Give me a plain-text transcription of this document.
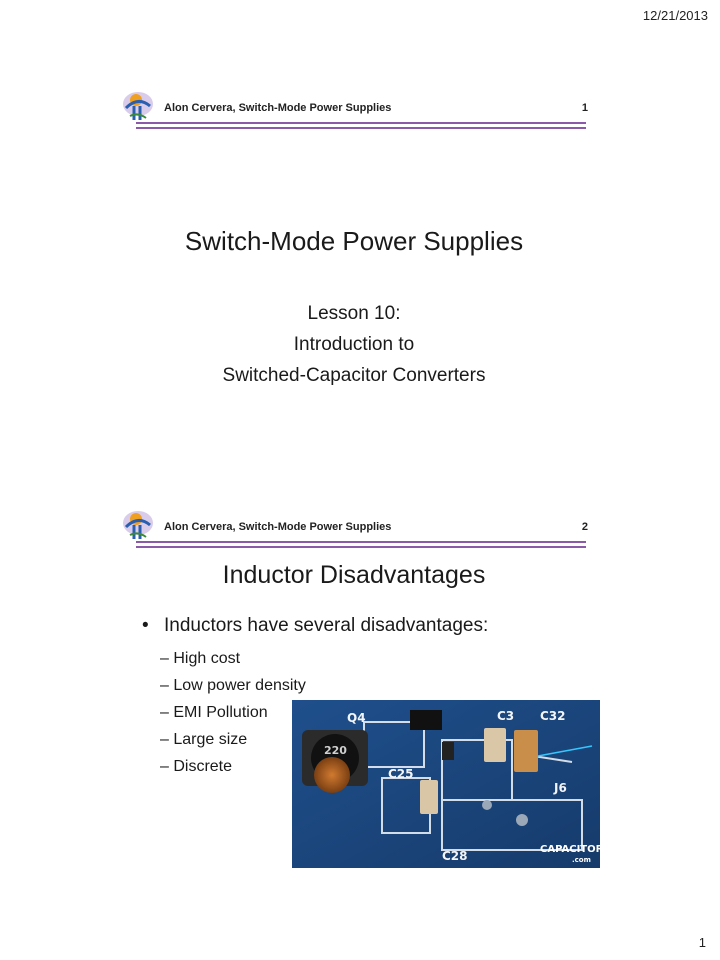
12/21/2013
Alon Cervera, Switch-Mode Power Supplies	1
Switch-Mode Power Supplies
Lesson 10:
Introduction to
Switched-Capacitor Converters
Alon Cervera, Switch-Mode Power Supplies	2
Inductor Disadvantages
• Inductors have several disadvantages:
– High cost
– Low power density
– EMI Pollution
– Large size
– Discrete
Q4	C3 C32
220
C25
J6
C28	CAPACITOR LAB
.com
1
